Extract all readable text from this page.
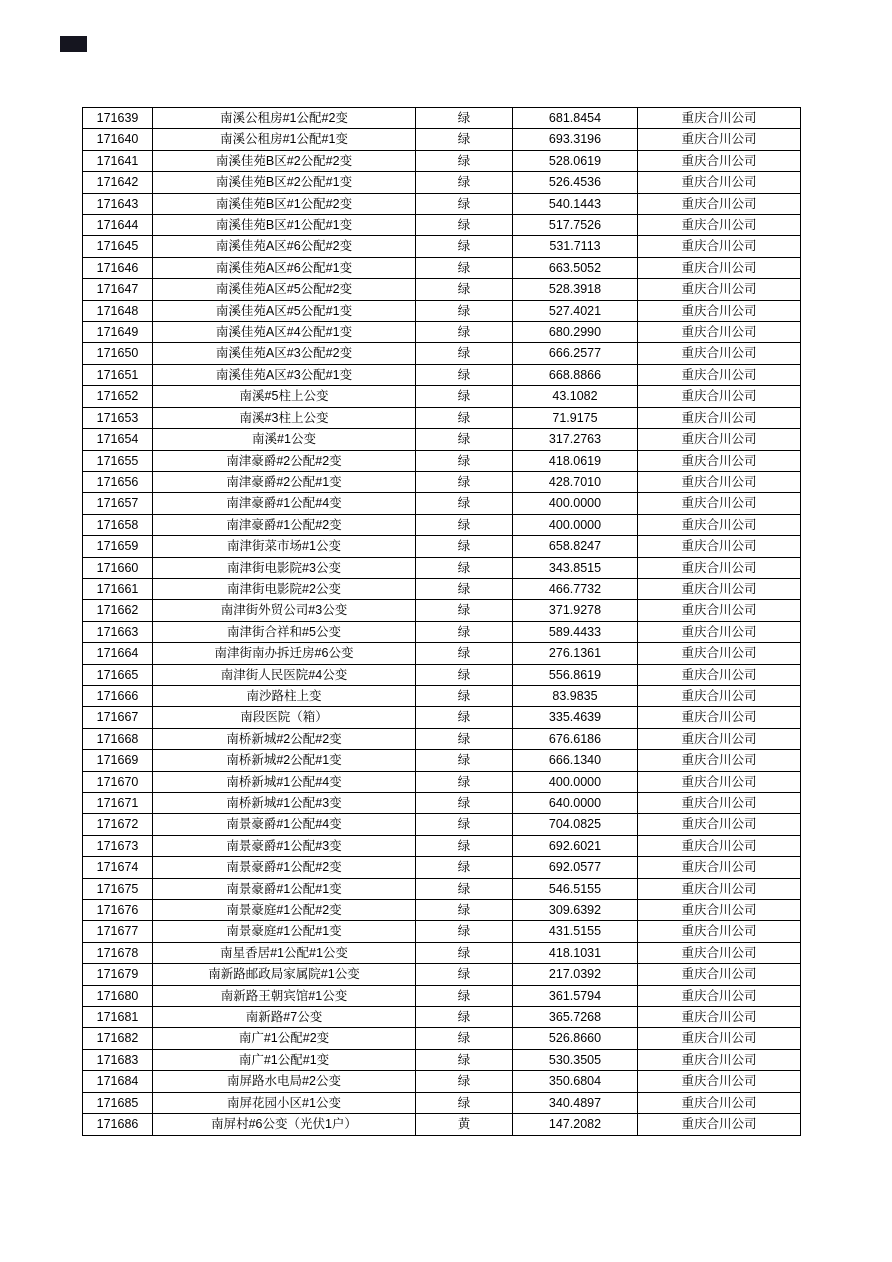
171639	南溪公租房#1公配#2变	绿	681.8454	重庆合川公司
171640	南溪公租房#1公配#1变	绿	693.3196	重庆合川公司
171641	南溪佳苑B区#2公配#2变	绿	528.0619	重庆合川公司
171642	南溪佳苑B区#2公配#1变	绿	526.4536	重庆合川公司
171643	南溪佳苑B区#1公配#2变	绿	540.1443	重庆合川公司
171644	南溪佳苑B区#1公配#1变	绿	517.7526	重庆合川公司
171645	南溪佳苑A区#6公配#2变	绿	531.7113	重庆合川公司
171646	南溪佳苑A区#6公配#1变	绿	663.5052	重庆合川公司
171647	南溪佳苑A区#5公配#2变	绿	528.3918	重庆合川公司
171648	南溪佳苑A区#5公配#1变	绿	527.4021	重庆合川公司
171649	南溪佳苑A区#4公配#1变	绿	680.2990	重庆合川公司
171650	南溪佳苑A区#3公配#2变	绿	666.2577	重庆合川公司
171651	南溪佳苑A区#3公配#1变	绿	668.8866	重庆合川公司
171652	南溪#5柱上公变	绿	43.1082	重庆合川公司
171653	南溪#3柱上公变	绿	71.9175	重庆合川公司
171654	南溪#1公变	绿	317.2763	重庆合川公司
171655	南津豪爵#2公配#2变	绿	418.0619	重庆合川公司
171656	南津豪爵#2公配#1变	绿	428.7010	重庆合川公司
171657	南津豪爵#1公配#4变	绿	400.0000	重庆合川公司
171658	南津豪爵#1公配#2变	绿	400.0000	重庆合川公司
171659	南津街菜市场#1公变	绿	658.8247	重庆合川公司
171660	南津街电影院#3公变	绿	343.8515	重庆合川公司
171661	南津街电影院#2公变	绿	466.7732	重庆合川公司
171662	南津街外贸公司#3公变	绿	371.9278	重庆合川公司
171663	南津街合祥和#5公变	绿	589.4433	重庆合川公司
171664	南津街南办拆迁房#6公变	绿	276.1361	重庆合川公司
171665	南津街人民医院#4公变	绿	556.8619	重庆合川公司
171666	南沙路柱上变	绿	83.9835	重庆合川公司
171667	南段医院（箱）	绿	335.4639	重庆合川公司
171668	南桥新城#2公配#2变	绿	676.6186	重庆合川公司
171669	南桥新城#2公配#1变	绿	666.1340	重庆合川公司
171670	南桥新城#1公配#4变	绿	400.0000	重庆合川公司
171671	南桥新城#1公配#3变	绿	640.0000	重庆合川公司
171672	南景豪爵#1公配#4变	绿	704.0825	重庆合川公司
171673	南景豪爵#1公配#3变	绿	692.6021	重庆合川公司
171674	南景豪爵#1公配#2变	绿	692.0577	重庆合川公司
171675	南景豪爵#1公配#1变	绿	546.5155	重庆合川公司
171676	南景豪庭#1公配#2变	绿	309.6392	重庆合川公司
171677	南景豪庭#1公配#1变	绿	431.5155	重庆合川公司
171678	南星香居#1公配#1公变	绿	418.1031	重庆合川公司
171679	南新路邮政局家属院#1公变	绿	217.0392	重庆合川公司
171680	南新路王朝宾馆#1公变	绿	361.5794	重庆合川公司
171681	南新路#7公变	绿	365.7268	重庆合川公司
171682	南广#1公配#2变	绿	526.8660	重庆合川公司
171683	南广#1公配#1变	绿	530.3505	重庆合川公司
171684	南屏路水电局#2公变	绿	350.6804	重庆合川公司
171685	南屏花园小区#1公变	绿	340.4897	重庆合川公司
171686	南屏村#6公变（光伏1户）	黄	147.2082	重庆合川公司
